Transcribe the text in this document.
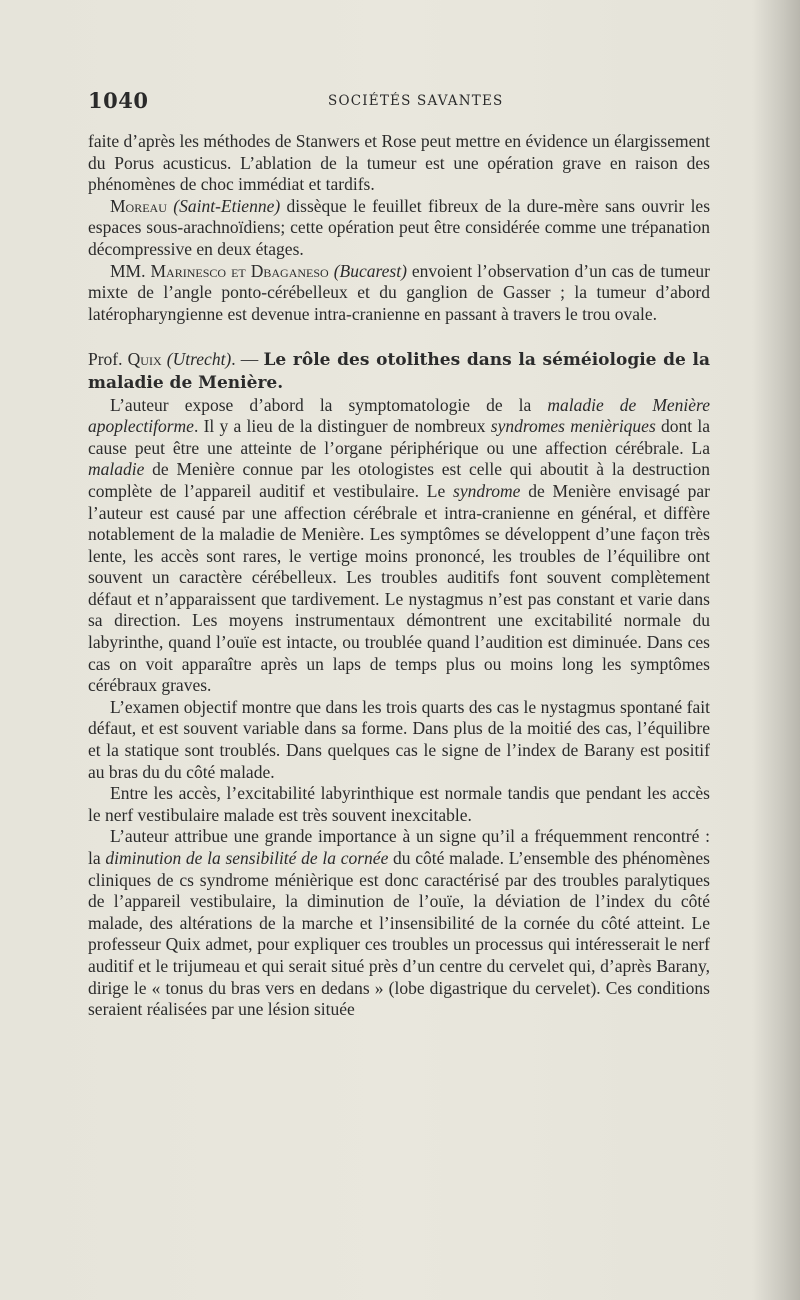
1040	SOCIÉTÉS SAVANTES

faite d’après les méthodes de Stanwers et Rose peut mettre en évidence un élargissement du Porus acusticus. L’ablation de la tumeur est une opération grave en raison des phénomènes de choc immédiat et tardifs.

Moreau (Saint-Etienne) dissèque le feuillet fibreux de la dure-mère sans ouvrir les espaces sous-arachnoïdiens; cette opération peut être considérée comme une trépanation décompressive en deux étages.

MM. Marinesco et Dbaganeso (Bucarest) envoient l’observation d’un cas de tumeur mixte de l’angle ponto-cérébelleux et du ganglion de Gasser ; la tumeur d’abord latéropharyngienne est devenue intra-cranienne en passant à travers le trou ovale.

Prof. Quix (Utrecht). — Le rôle des otolithes dans la séméiologie de la maladie de Menière.

L’auteur expose d’abord la symptomatologie de la maladie de Menière apoplectiforme. Il y a lieu de la distinguer de nombreux syndromes menièriques dont la cause peut être une atteinte de l’organe périphérique ou une affection cérébrale. La maladie de Menière connue par les otologistes est celle qui aboutit à la destruction complète de l’appareil auditif et vestibulaire. Le syndrome de Menière envisagé par l’auteur est causé par une affection cérébrale et intra-cranienne en général, et diffère notablement de la maladie de Menière. Les symptômes se développent d’une façon très lente, les accès sont rares, le vertige moins prononcé, les troubles de l’équilibre ont souvent un caractère cérébelleux. Les troubles auditifs font souvent complètement défaut et n’apparaissent que tardivement. Le nystagmus n’est pas constant et varie dans sa direction. Les moyens instrumentaux démontrent une excitabilité normale du labyrinthe, quand l’ouïe est intacte, ou troublée quand l’audition est diminuée. Dans ces cas on voit apparaître après un laps de temps plus ou moins long les symptômes cérébraux graves.

L’examen objectif montre que dans les trois quarts des cas le nystagmus spontané fait défaut, et est souvent variable dans sa forme. Dans plus de la moitié des cas, l’équilibre et la statique sont troublés. Dans quelques cas le signe de l’index de Barany est positif au bras du du côté malade.

Entre les accès, l’excitabilité labyrinthique est normale tandis que pendant les accès le nerf vestibulaire malade est très souvent inexcitable.

L’auteur attribue une grande importance à un signe qu’il a fréquemment rencontré : la diminution de la sensibilité de la cornée du côté malade. L’ensemble des phénomènes cliniques de cs syndrome ménièrique est donc caractérisé par des troubles paralytiques de l’appareil vestibulaire, la diminution de l’ouïe, la déviation de l’index du côté malade, des altérations de la marche et l’insensibilité de la cornée du côté atteint. Le professeur Quix admet, pour expliquer ces troubles un processus qui intéresserait le nerf auditif et le trijumeau et qui serait situé près d’un centre du cervelet qui, d’après Barany, dirige le « tonus du bras vers en dedans » (lobe digastrique du cervelet). Ces conditions seraient réalisées par une lésion située
